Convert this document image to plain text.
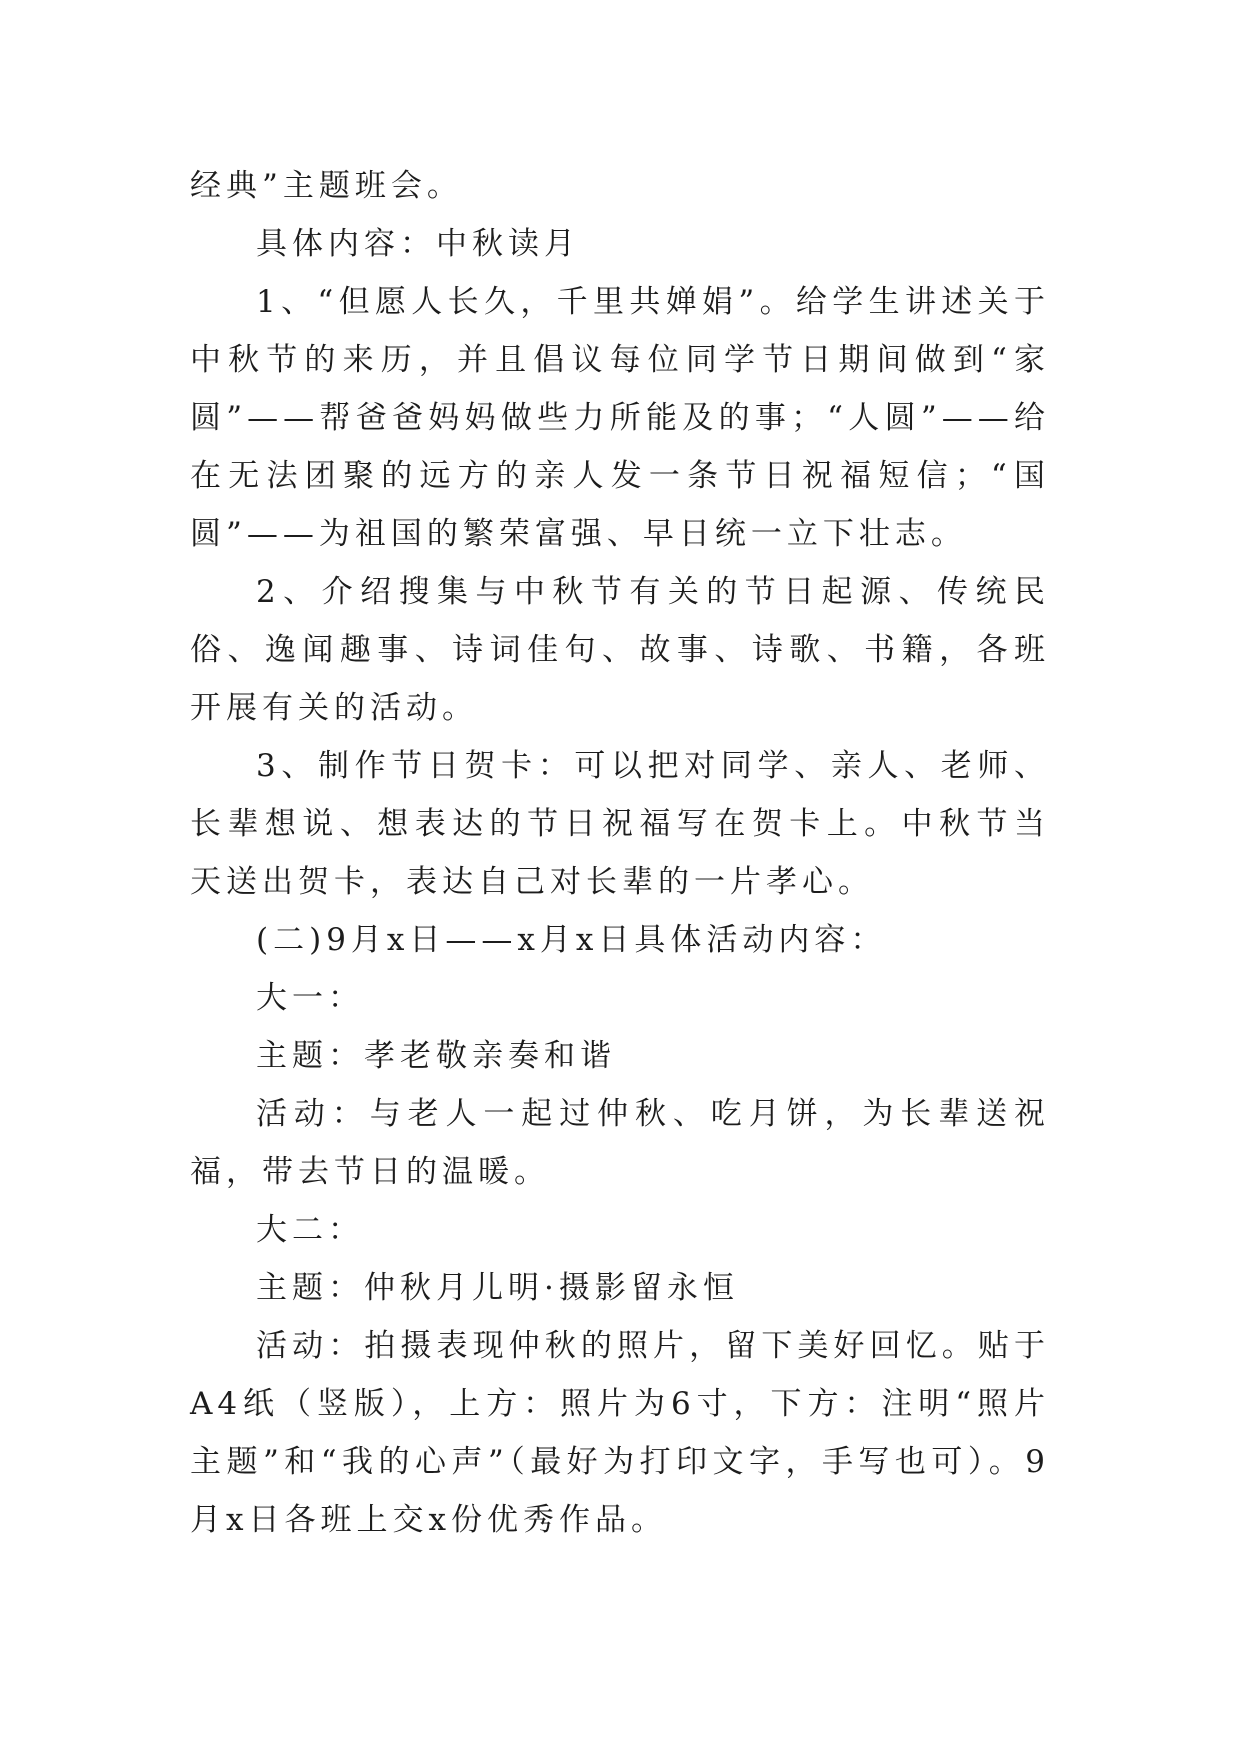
经典”主题班会。

具体内容：中秋读月

1、“但愿人长久，千里共婵娟”。给学生讲述关于中秋节的来历，并且倡议每位同学节日期间做到“家圆”——帮爸爸妈妈做些力所能及的事；“人圆”——给在无法团聚的远方的亲人发一条节日祝福短信；“国圆”——为祖国的繁荣富强、早日统一立下壮志。

2、介绍搜集与中秋节有关的节日起源、传统民俗、逸闻趣事、诗词佳句、故事、诗歌、书籍，各班开展有关的活动。

3、制作节日贺卡：可以把对同学、亲人、老师、长辈想说、想表达的节日祝福写在贺卡上。中秋节当天送出贺卡，表达自己对长辈的一片孝心。

(二)9月x日——x月x日具体活动内容：

大一：

主题：孝老敬亲奏和谐

活动：与老人一起过仲秋、吃月饼，为长辈送祝福，带去节日的温暖。

大二：

主题：仲秋月儿明·摄影留永恒

活动：拍摄表现仲秋的照片，留下美好回忆。贴于A4纸（竖版），上方：照片为6寸，下方：注明“照片主题”和“我的心声”（最好为打印文字，手写也可）。9月x日各班上交x份优秀作品。
